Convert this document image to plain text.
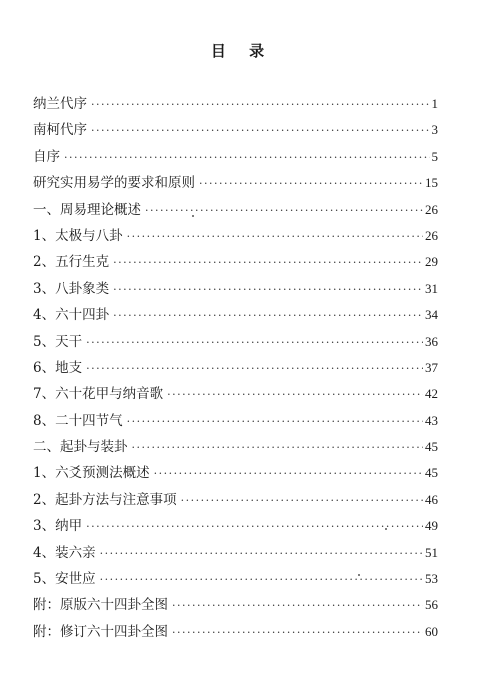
目 录
纳兰代序 ·····	1
南柯代序 ·····	3
自序 ·····	5
研究实用易学的要求和原则 ·····	15
一、周易理论概述 ·····	26
1、太极与八卦 ·····	26
2、五行生克 ·····	29
3、八卦象类 ·····	31
4、六十四卦 ·····	34
5、天干 ·····	36
6、地支 ·····	37
7、六十花甲与纳音歌 ·····	42
8、二十四节气 ·····	43
二、起卦与装卦 ·····	45
1、六爻预测法概述 ·····	45
2、起卦方法与注意事项 ·····	46
3、纳甲 ·····	49
4、装六亲 ·····	51
5、安世应 ·····	53
附：原版六十四卦全图 ·····	56
附：修订六十四卦全图 ·····	60
